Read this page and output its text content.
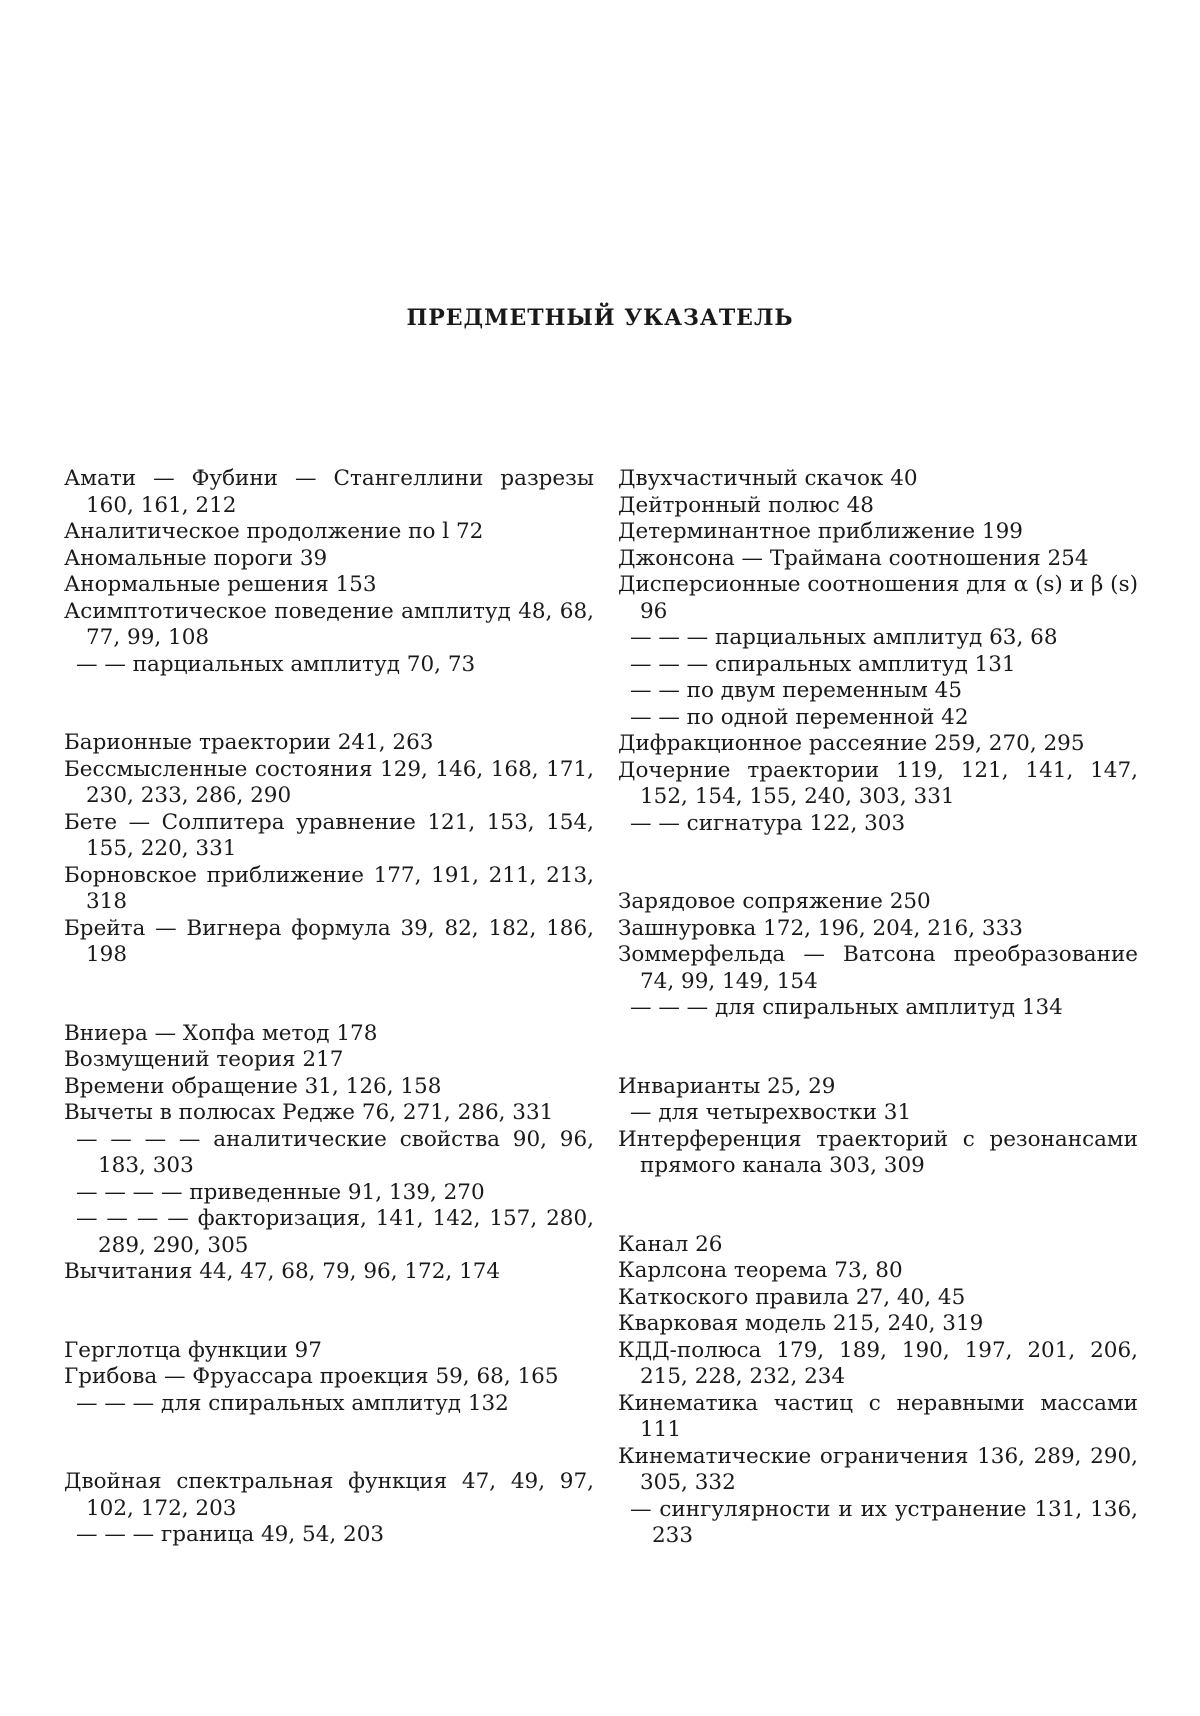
ПРЕДМЕТНЫЙ УКАЗАТЕЛЬ
Амати — Фубини — Стангеллини разрезы 160, 161, 212
Аналитическое продолжение по l 72
Аномальные пороги 39
Анормальные решения 153
Асимптотическое поведение амплитуд 48, 68, 77, 99, 108
— — парциальных амплитуд 70, 73
Барионные траектории 241, 263
Бессмысленные состояния 129, 146, 168, 171, 230, 233, 286, 290
Бете — Солпитера уравнение 121, 153, 154, 155, 220, 331
Борновское приближение 177, 191, 211, 213, 318
Брейта — Вигнера формула 39, 82, 182, 186, 198
Вниера — Хопфа метод 178
Возмущений теория 217
Времени обращение 31, 126, 158
Вычеты в полюсах Редже 76, 271, 286, 331
— — — — аналитические свойства 90, 96, 183, 303
— — — — приведенные 91, 139, 270
— — — — факторизация, 141, 142, 157, 280, 289, 290, 305
Вычитания 44, 47, 68, 79, 96, 172, 174
Герглотца функции 97
Грибова — Фруассара проекция 59, 68, 165
— — — для спиральных амплитуд 132
Двойная спектральная функция 47, 49, 97, 102, 172, 203
— — — граница 49, 54, 203
Двухчастичный скачок 40
Дейтронный полюс 48
Детерминантное приближение 199
Джонсона — Траймана соотношения 254
Дисперсионные соотношения для α (s) и β (s) 96
— — — парциальных амплитуд 63, 68
— — — спиральных амплитуд 131
— — по двум переменным 45
— — по одной переменной 42
Дифракционное рассеяние 259, 270, 295
Дочерние траектории 119, 121, 141, 147, 152, 154, 155, 240, 303, 331
— — сигнатура 122, 303
Зарядовое сопряжение 250
Зашнуровка 172, 196, 204, 216, 333
Зоммерфельда — Ватсона преобразование 74, 99, 149, 154
— — — для спиральных амплитуд 134
Инварианты 25, 29
— для четырехвостки 31
Интерференция траекторий с резонансами прямого канала 303, 309
Канал 26
Карлсона теорема 73, 80
Каткоского правила 27, 40, 45
Кварковая модель 215, 240, 319
КДД-полюса 179, 189, 190, 197, 201, 206, 215, 228, 232, 234
Кинематика частиц с неравными массами 111
Кинематические ограничения 136, 289, 290, 305, 332
— сингулярности и их устранение 131, 136, 233
